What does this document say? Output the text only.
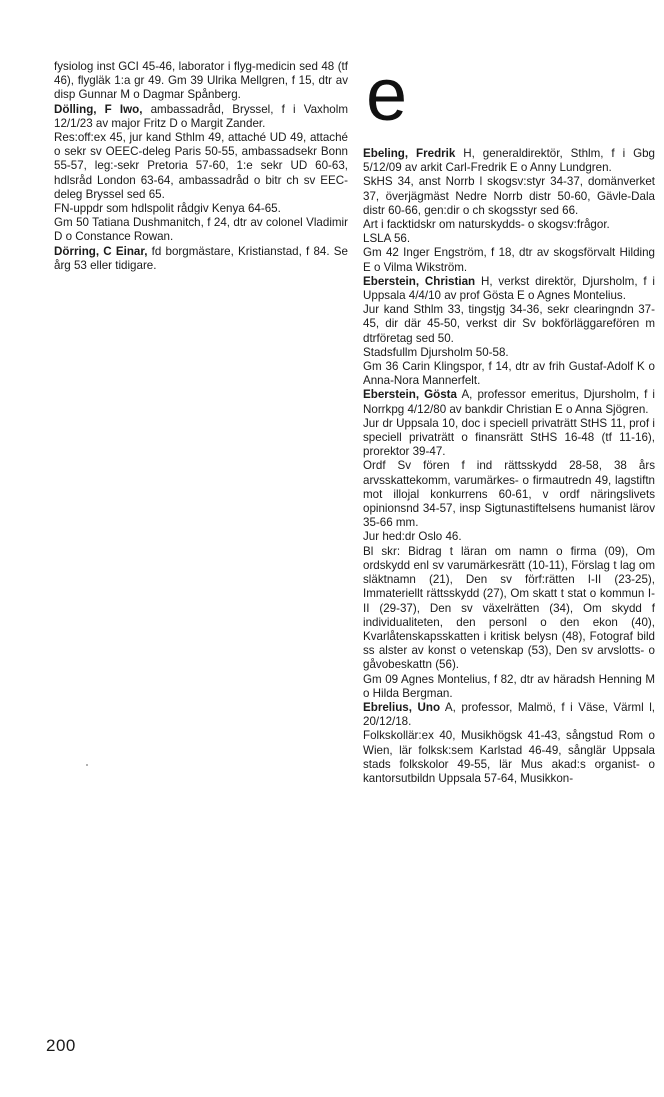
fysiolog inst GCI 45-46, laborator i flyg-medicin sed 48 (tf 46), flygläk 1:a gr 49. Gm 39 Ulrika Mellgren, f 15, dtr av disp Gunnar M o Dagmar Spånberg.

Dölling, F Iwo, ambassadråd, Bryssel, f i Vaxholm 12/1/23 av major Fritz D o Margit Zander.

Res:off:ex 45, jur kand Sthlm 49, attaché UD 49, attaché o sekr sv OEEC-deleg Paris 50-55, ambassadsekr Bonn 55-57, leg:-sekr Pretoria 57-60, 1:e sekr UD 60-63, hdlsråd London 63-64, ambassadråd o bitr ch sv EEC-deleg Bryssel sed 65.

FN-uppdr som hdlspolit rådgiv Kenya 64-65.

Gm 50 Tatiana Dushmanitch, f 24, dtr av colonel Vladimir D o Constance Rowan.

Dörring, C Einar, fd borgmästare, Kristianstad, f 84. Se årg 53 eller tidigare.

e

Ebeling, Fredrik H, generaldirektör, Sthlm, f i Gbg 5/12/09 av arkit Carl-Fredrik E o Anny Lundgren.

SkHS 34, anst Norrb l skogsv:styr 34-37, domänverket 37, överjägmäst Nedre Norrb distr 50-60, Gävle-Dala distr 60-66, gen:dir o ch skogsstyr sed 66.

Art i facktidskr om naturskydds- o skogsv:frågor.

LSLA 56.

Gm 42 Inger Engström, f 18, dtr av skogsförvalt Hilding E o Vilma Wikström.

Eberstein, Christian H, verkst direktör, Djursholm, f i Uppsala 4/4/10 av prof Gösta E o Agnes Montelius.

Jur kand Sthlm 33, tingstjg 34-36, sekr clearingndn 37-45, dir där 45-50, verkst dir Sv bokförläggarefören m dtrföretag sed 50.

Stadsfullm Djursholm 50-58.

Gm 36 Carin Klingspor, f 14, dtr av frih Gustaf-Adolf K o Anna-Nora Mannerfelt.

Eberstein, Gösta A, professor emeritus, Djursholm, f i Norrkpg 4/12/80 av bankdir Christian E o Anna Sjögren.

Jur dr Uppsala 10, doc i speciell privaträtt StHS 11, prof i speciell privaträtt o finansrätt StHS 16-48 (tf 11-16), prorektor 39-47.

Ordf Sv fören f ind rättsskydd 28-58, 38 års arvsskattekomm, varumärkes- o firmautredn 49, lagstiftn mot illojal konkurrens 60-61, v ordf näringslivets opinionsnd 34-57, insp Sigtunastiftelsens humanist lärov 35-66 mm.

Jur hed:dr Oslo 46.

Bl skr: Bidrag t läran om namn o firma (09), Om ordskydd enl sv varumärkesrätt (10-11), Förslag t lag om släktnamn (21), Den sv förf:rätten I-II (23-25), Immateriellt rättsskydd (27), Om skatt t stat o kommun I-II (29-37), Den sv växelrätten (34), Om skydd f individualiteten, den personl o den ekon (40), Kvarlåtenskapsskatten i kritisk belysn (48), Fotograf bild ss alster av konst o vetenskap (53), Den sv arvslotts- o gåvobeskattn (56).

Gm 09 Agnes Montelius, f 82, dtr av häradsh Henning M o Hilda Bergman.

Ebrelius, Uno A, professor, Malmö, f i Väse, Värml l, 20/12/18.

Folkskollär:ex 40, Musikhögsk 41-43, sångstud Rom o Wien, lär folksk:sem Karlstad 46-49, sånglär Uppsala stads folkskolor 49-55, lär Mus akad:s organist- o kantorsutbildn Uppsala 57-64, Musikkon-

200
